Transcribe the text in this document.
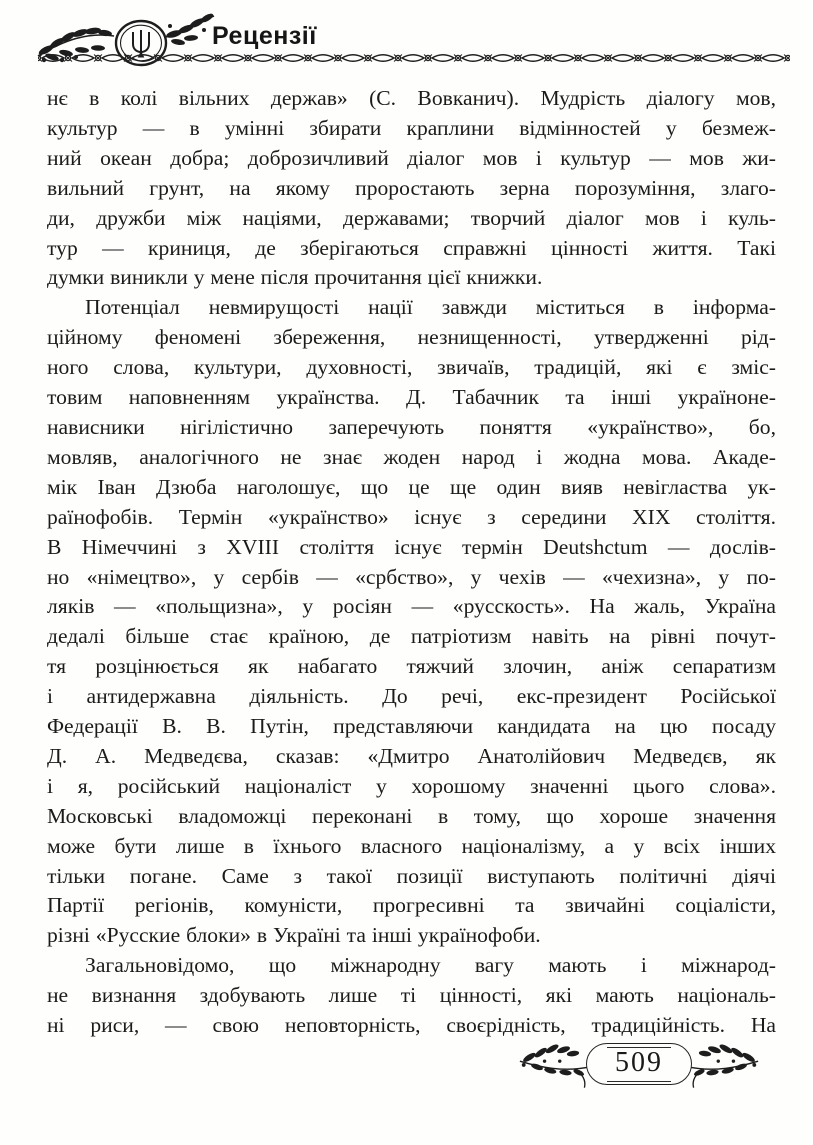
Рецензії
нє в колі вільних держав» (С. Вовканич). Мудрість діалогу мов,
культур — в умінні збирати краплини відмінностей у безмеж-
ний океан добра; доброзичливий діалог мов і культур — мов жи-
вильний грунт, на якому проростають зерна порозуміння, злаго-
ди, дружби між націями, державами; творчий діалог мов і куль-
тур — криниця, де зберігаються справжні цінності життя. Такі
думки виникли у мене після прочитання цієї книжки.
Потенціал невмирущості нації завжди міститься в інформа-
ційному феномені збереження, незнищенності, утвердженні рід-
ного слова, культури, духовності, звичаїв, традицій, які є зміс-
товим наповненням українства. Д. Табачник та інші україноне-
нависники нігілістично заперечують поняття «українство», бо,
мовляв, аналогічного не знає жоден народ і жодна мова. Акаде-
мік Іван Дзюба наголошує, що це ще один вияв невігластва ук-
раїнофобів. Термін «українство» існує з середини XIX століття.
В Німеччині з XVIII століття існує термін Deutshctum — дослів-
но «німецтво», у сербів — «србство», у чехів — «чехизна», у по-
ляків — «польщизна», у росіян — «русскость». На жаль, Україна
дедалі більше стає країною, де патріотизм навіть на рівні почут-
тя розцінюється як набагато тяжчий злочин, аніж сепаратизм
і антидержавна діяльність. До речі, екс-президент Російської
Федерації В. В. Путін, представляючи кандидата на цю посаду
Д. А. Медведєва, сказав: «Дмитро Анатолійович Медведєв, як
і я, російський націоналіст у хорошому значенні цього слова».
Московські владоможці переконані в тому, що хороше значення
може бути лише в їхнього власного націоналізму, а у всіх інших
тільки погане. Саме з такої позиції виступають політичні діячі
Партії регіонів, комуністи, прогресивні та звичайні соціалісти,
різні «Русские блоки» в Україні та інші українофоби.
Загальновідомо, що міжнародну вагу мають і міжнарод-
не визнання здобувають лише ті цінності, які мають національ-
ні риси, — свою неповторність, своєрідність, традиційність. На
509
